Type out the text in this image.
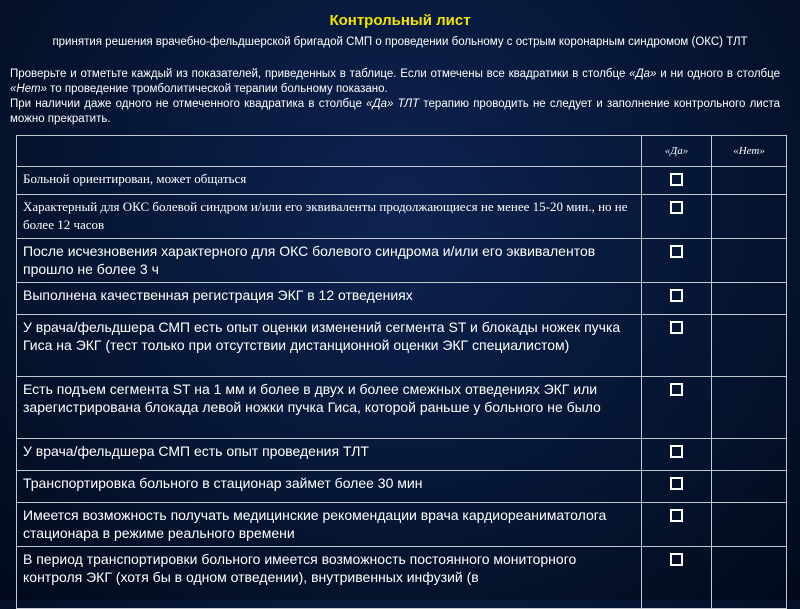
Контрольный лист
принятия решения врачебно-фельдшерской бригадой СМП о проведении больному с острым коронарным синдромом (ОКС) ТЛТ

Проверьте и отметьте каждый из показателей, приведенных в таблице. Если отмечены все квадратики в столбце «Да» и ни одного в столбце «Нет» то проведение тромболитической терапии больному показано.

При наличии даже одного не отмеченного квадратика в столбце «Да» ТЛТ терапию проводить не следует и заполнение контрольного листа можно прекратить.

	«Да»	«Нет»
Больной ориентирован, может общаться		
Характерный для ОКС болевой синдром и/или его эквиваленты продолжающиеся не менее 15-20 мин., но не более 12 часов		
После исчезновения характерного для ОКС болевого синдрома и/или его эквивалентов прошло не более 3 ч		
Выполнена качественная регистрация ЭКГ в 12 отведениях		
У врача/фельдшера СМП есть опыт оценки изменений сегмента ST и блокады ножек пучка Гиса на ЭКГ (тест только при отсутствии дистанционной оценки ЭКГ специалистом)		
Есть подъем сегмента ST на 1 мм и более в двух и более смежных отведениях ЭКГ или зарегистрирована блокада левой ножки пучка Гиса, которой раньше у больного не было		
У врача/фельдшера СМП есть опыт проведения ТЛТ		
Транспортировка больного в стационар займет более 30 мин		
Имеется возможность получать медицинские рекомендации врача кардиореаниматолога стационара в режиме реального времени		
В период транспортировки больного имеется возможность постоянного мониторного контроля ЭКГ (хотя бы в одном отведении), внутривенных инфузий (в		
